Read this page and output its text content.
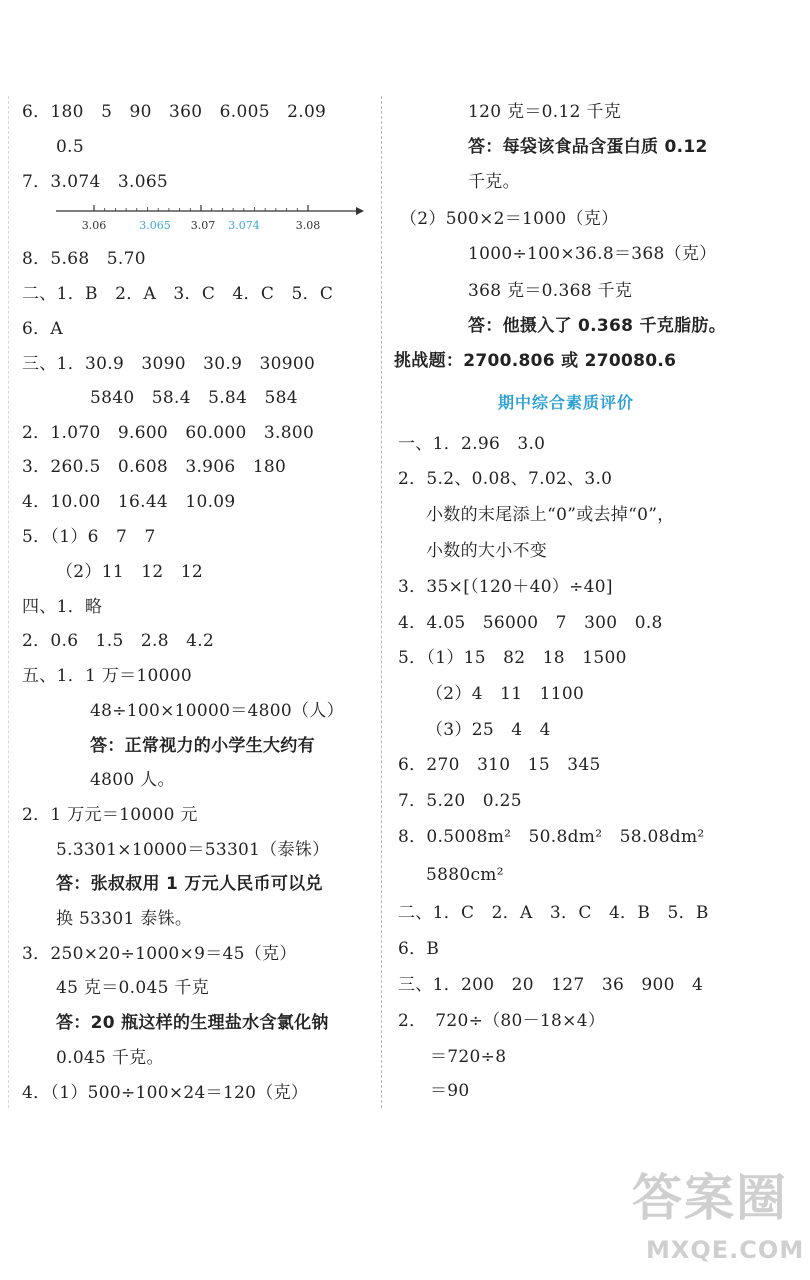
6．180　5　90　360　6.005　2.09
0.5
7．3.074　3.065
3.06	3.065 3.07 3.074	3.08
8．5.68　5.70
二、1．B　2．A　3．C　4．C　5．C
6．A
三、1．30.9　3090　30.9　30900
5840　58.4　5.84　584
2．1.070　9.600　60.000　3.800
3．260.5　0.608　3.906　180
4．10.00　16.44　10.09
5．（1）6　7　7
（2）11　12　12
四、1．略
2．0.6　1.5　2.8　4.2
五、1．1 万＝10000
48÷100×10000＝4800（人）
答：正常视力的小学生大约有
4800 人。
2．1 万元＝10000 元
5.3301×10000＝53301（泰铢）
答：张叔叔用 1 万元人民币可以兑
换 53301 泰铢。
3．250×20÷1000×9＝45（克）
45 克＝0.045 千克
答：20 瓶这样的生理盐水含氯化钠
0.045 千克。
4．（1）500÷100×24＝120（克）
120 克＝0.12 千克
答：每袋该食品含蛋白质 0.12
千克。
（2）500×2＝1000（克）
1000÷100×36.8＝368（克）
368 克＝0.368 千克
答：他摄入了 0.368 千克脂肪。
挑战题：2700.806 或 270080.6
期中综合素质评价
一、1．2.96　3.0
2．5.2、0.08、7.02、3.0
小数的末尾添上“0”或去掉“0”，
小数的大小不变
3．35×[（120＋40）÷40]
4．4.05　56000　7　300　0.8
5．（1）15　82　18　1500
（2）4　11　1100
（3）25　4　4
6．270　310　15　345
7．5.20　0.25
8．0.5008m²　50.8dm²　58.08dm²
5880cm²
二、1．C　2．A　3．C　4．B　5．B
6．B
三、1．200　20　127　36　900　4
2．　720÷（80－18×4）
＝720÷8
＝90
答案圈
MXQE.COM
